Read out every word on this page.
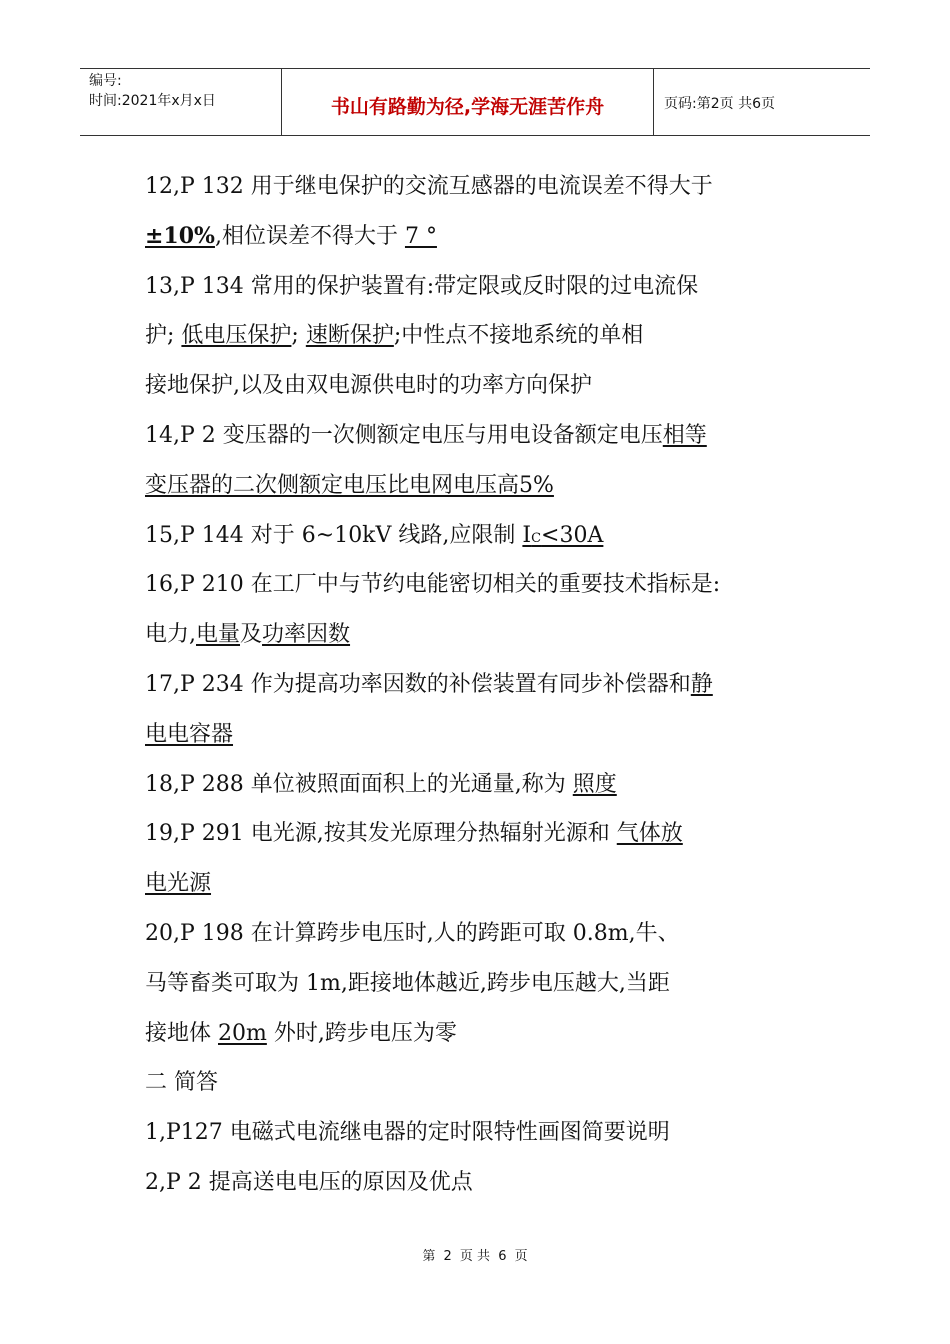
编号:
时间:2021年x月x日	书山有路勤为径,学海无涯苦作舟	页码:第2页 共6页
12,P 132 用于继电保护的交流互感器的电流误差不得大于
±10%,相位误差不得大于 7 °
13,P 134 常用的保护装置有:带定限或反时限的过电流保
护; 低电压保护; 速断保护;中性点不接地系统的单相
接地保护,以及由双电源供电时的功率方向保护
14,P 2 变压器的一次侧额定电压与用电设备额定电压相等
变压器的二次侧额定电压比电网电压高5%
15,P 144 对于 6~10kV 线路,应限制 IC<30A
16,P 210 在工厂中与节约电能密切相关的重要技术指标是:
电力,电量及功率因数
17,P 234 作为提高功率因数的补偿装置有同步补偿器和静
电电容器
18,P 288 单位被照面面积上的光通量,称为 照度
19,P 291 电光源,按其发光原理分热辐射光源和 气体放
电光源
20,P 198 在计算跨步电压时,人的跨距可取 0.8m,牛、
马等畜类可取为 1m,距接地体越近,跨步电压越大,当距
接地体 20m 外时,跨步电压为零
二 简答
1,P127 电磁式电流继电器的定时限特性画图简要说明
2,P 2 提高送电电压的原因及优点
第 2 页 共 6 页
